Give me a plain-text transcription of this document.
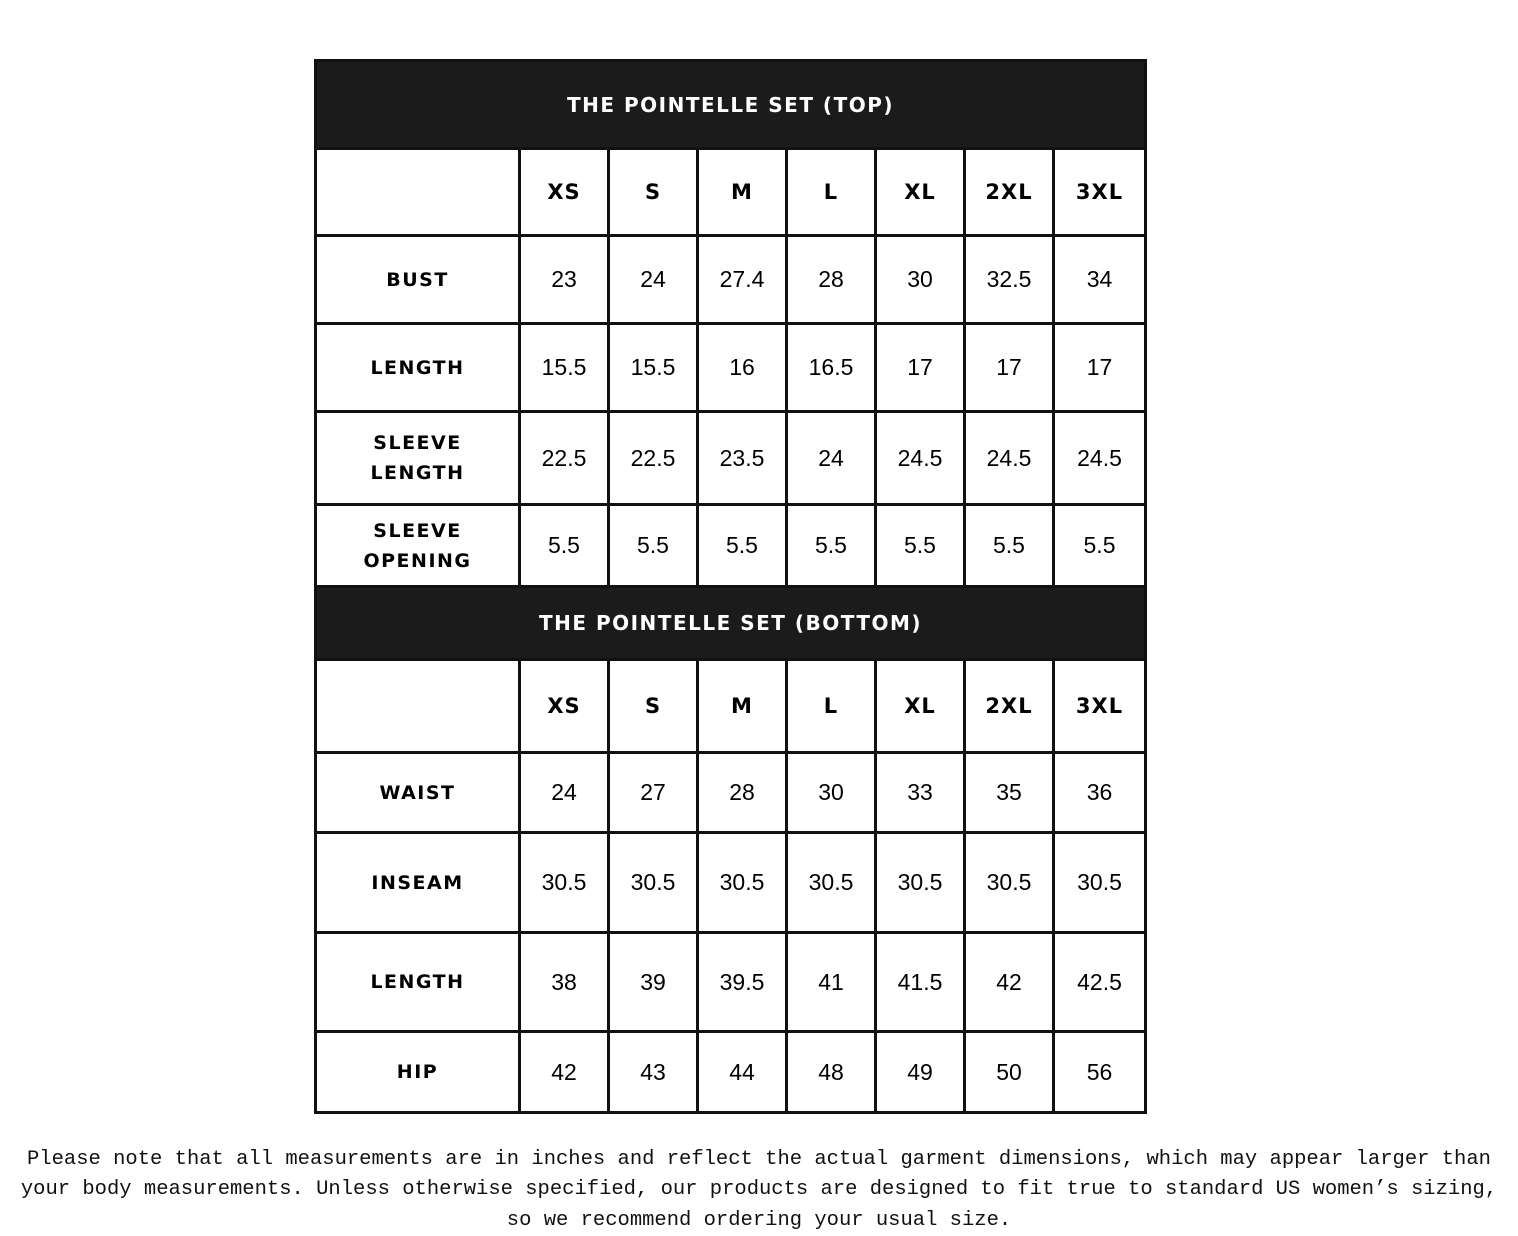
THE POINTELLE SET (TOP)							
	XS	S	M	L	XL	2XL	3XL
BUST	23	24	27.4	28	30	32.5	34
LENGTH	15.5	15.5	16	16.5	17	17	17
SLEEVE LENGTH	22.5	22.5	23.5	24	24.5	24.5	24.5
SLEEVE OPENING	5.5	5.5	5.5	5.5	5.5	5.5	5.5
THE POINTELLE SET (BOTTOM)							
	XS	S	M	L	XL	2XL	3XL
WAIST	24	27	28	30	33	35	36
INSEAM	30.5	30.5	30.5	30.5	30.5	30.5	30.5
LENGTH	38	39	39.5	41	41.5	42	42.5
HIP	42	43	44	48	49	50	56

Please note that all measurements are in inches and reflect the actual garment dimensions, which may appear larger than your body measurements. Unless otherwise specified, our products are designed to fit true to standard US women’s sizing, so we recommend ordering your usual size.
